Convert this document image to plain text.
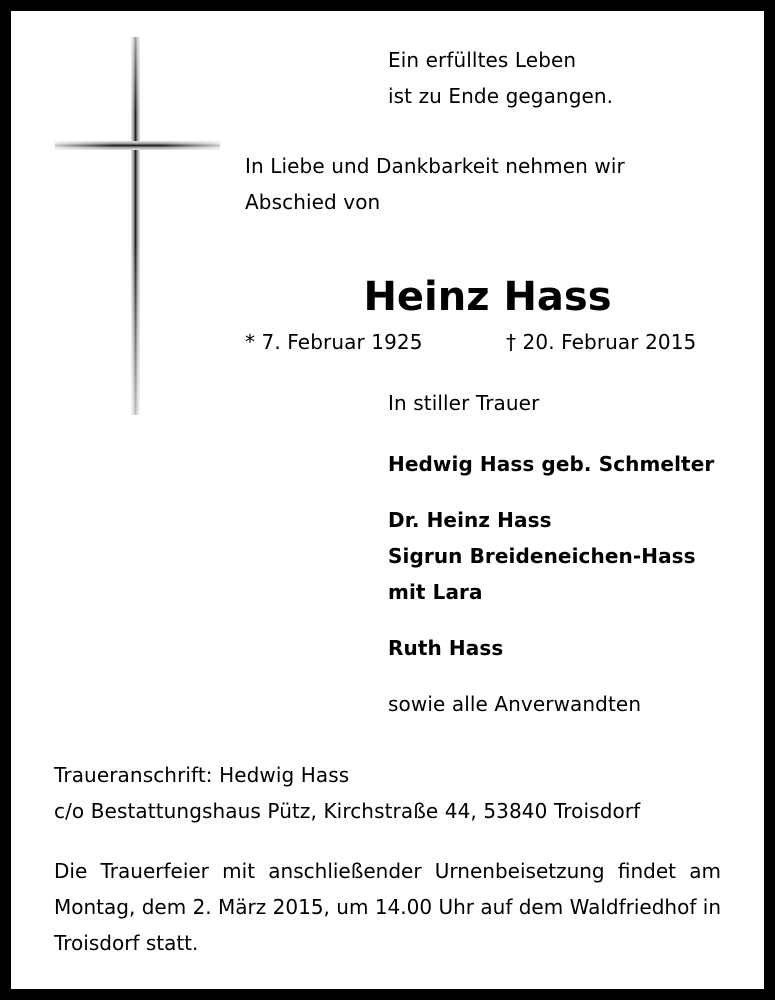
Ein erfülltes Leben

ist zu Ende gegangen.

In Liebe und Dankbarkeit nehmen wir

Abschied von

Heinz Hass

* 7. Februar 1925	† 20. Februar 2015

In stiller Trauer

Hedwig Hass geb. Schmelter

Dr. Heinz Hass

Sigrun Breideneichen-Hass

mit Lara

Ruth Hass

sowie alle Anverwandten

Traueranschrift: Hedwig Hass

c/o Bestattungshaus Pütz, Kirchstraße 44, 53840 Troisdorf

Die Trauerfeier mit anschließender Urnenbeisetzung findet am Montag, dem 2. März 2015, um 14.00 Uhr auf dem Waldfriedhof in Troisdorf statt.
